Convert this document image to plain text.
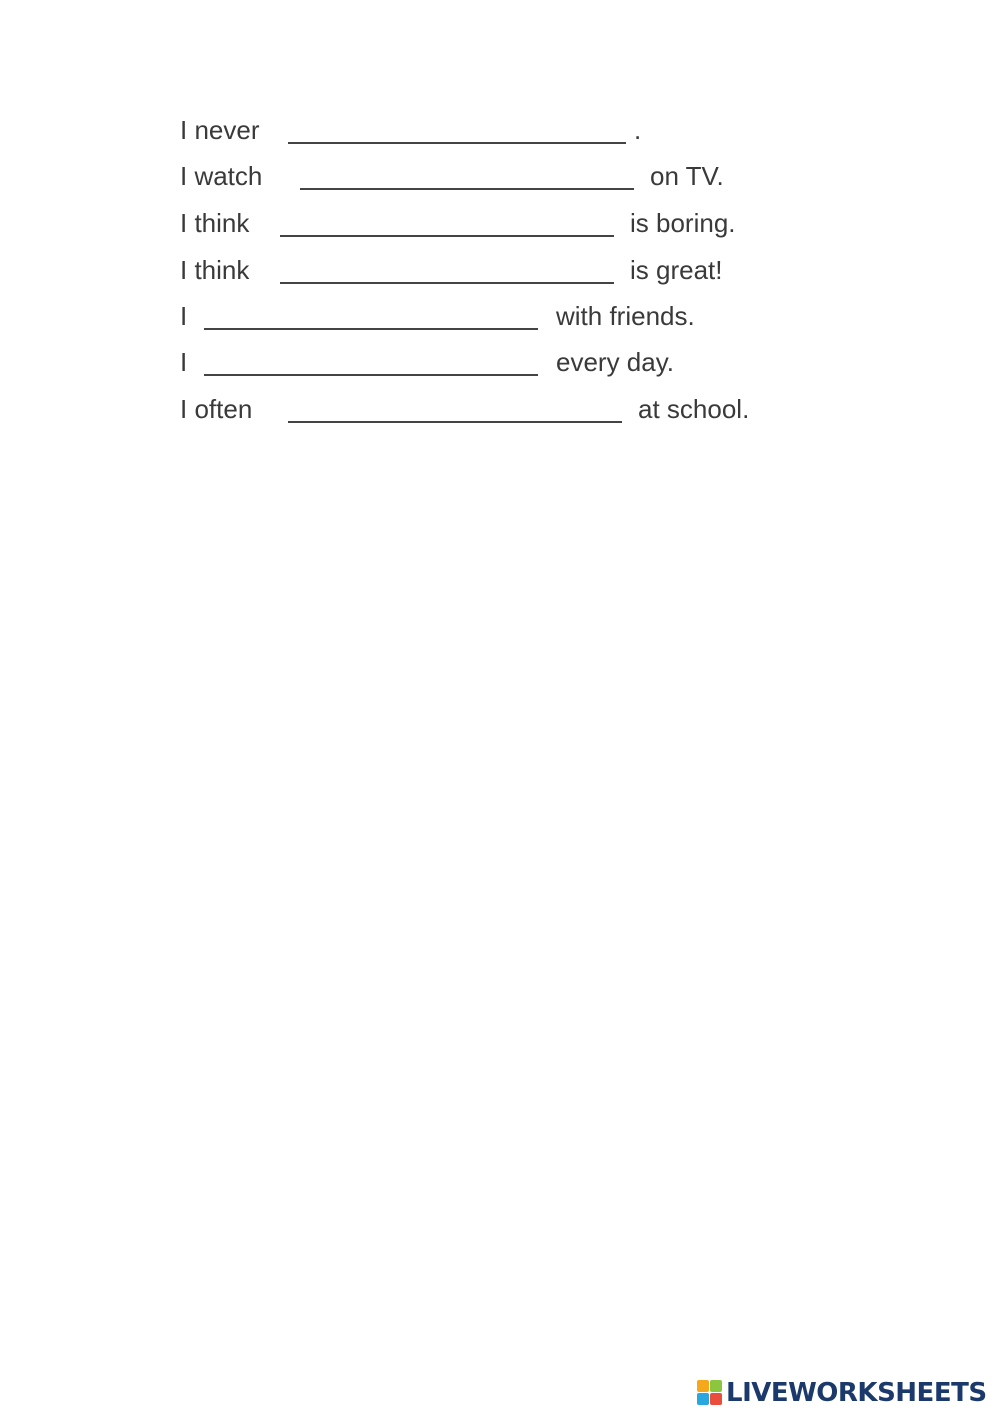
I never	.
I watch	on TV.
I think	is boring.
I think	is great!
I	with friends.
I	every day.
I often	at school.
LIVEWORKSHEETS
